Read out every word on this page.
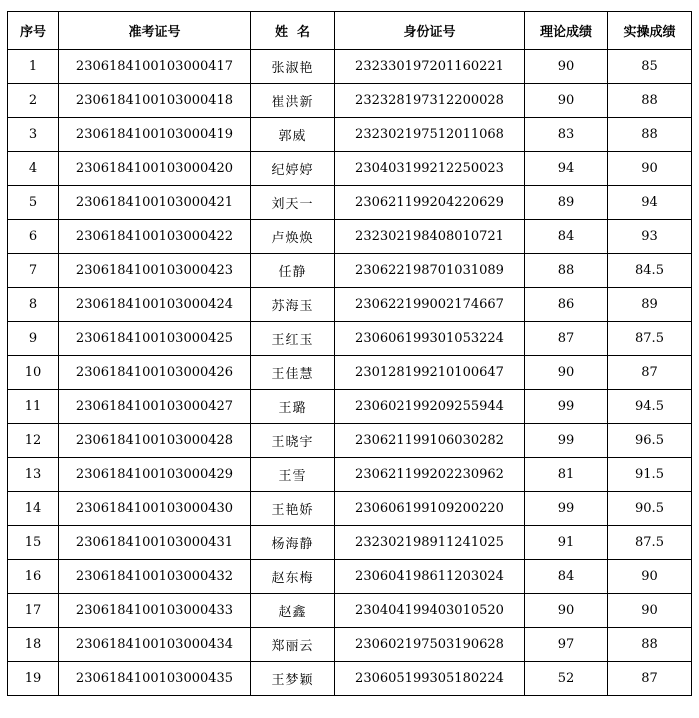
序号	准考证号	姓  名	身份证号	理论成绩	实操成绩
1	2306184100103000417	张淑艳	232330197201160221	90	85
2	2306184100103000418	崔洪新	232328197312200028	90	88
3	2306184100103000419	郭威	232302197512011068	83	88
4	2306184100103000420	纪婷婷	230403199212250023	94	90
5	2306184100103000421	刘天一	230621199204220629	89	94
6	2306184100103000422	卢焕焕	232302198408010721	84	93
7	2306184100103000423	任静	230622198701031089	88	84.5
8	2306184100103000424	苏海玉	230622199002174667	86	89
9	2306184100103000425	王红玉	230606199301053224	87	87.5
10	2306184100103000426	王佳慧	230128199210100647	90	87
11	2306184100103000427	王璐	230602199209255944	99	94.5
12	2306184100103000428	王晓宇	230621199106030282	99	96.5
13	2306184100103000429	王雪	230621199202230962	81	91.5
14	2306184100103000430	王艳娇	230606199109200220	99	90.5
15	2306184100103000431	杨海静	232302198911241025	91	87.5
16	2306184100103000432	赵东梅	230604198611203024	84	90
17	2306184100103000433	赵鑫	230404199403010520	90	90
18	2306184100103000434	郑丽云	230602197503190628	97	88
19	2306184100103000435	王梦颖	230605199305180224	52	87
